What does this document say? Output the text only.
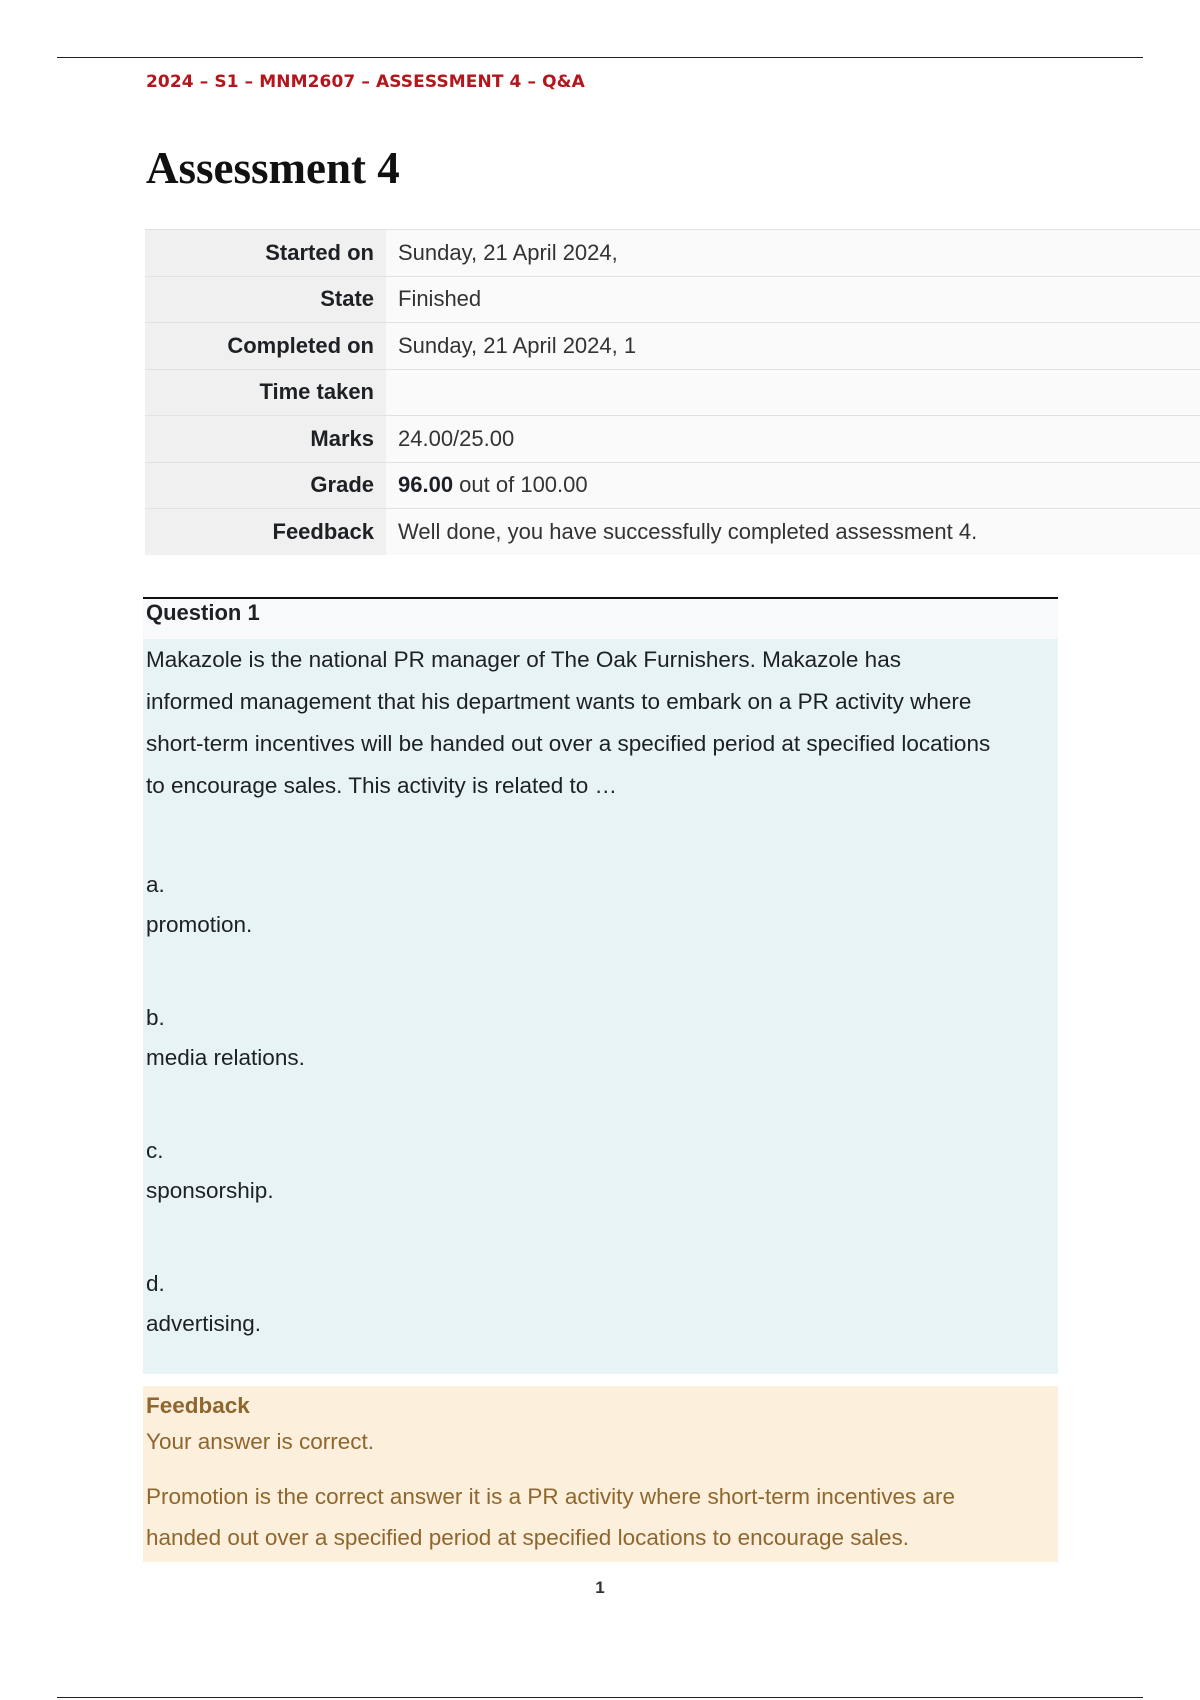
2024 – S1 – MNM2607 – ASSESSMENT 4 – Q&A
Assessment 4
Started on	Sunday, 21 April 2024,
State	Finished
Completed on	Sunday, 21 April 2024, 1
Time taken	
Marks	24.00/25.00
Grade	96.00 out of 100.00
Feedback	Well done, you have successfully completed assessment 4.
Question 1

Makazole is the national PR manager of The Oak Furnishers. Makazole has
informed management that his department wants to embark on a PR activity where
short-term incentives will be handed out over a specified period at specified locations
to encourage sales. This activity is related to …

a.
promotion.
b.
media relations.
c.
sponsorship.
d.
advertising.
Feedback
Your answer is correct.
Promotion is the correct answer it is a PR activity where short-term incentives are
handed out over a specified period at specified locations to encourage sales.
1
